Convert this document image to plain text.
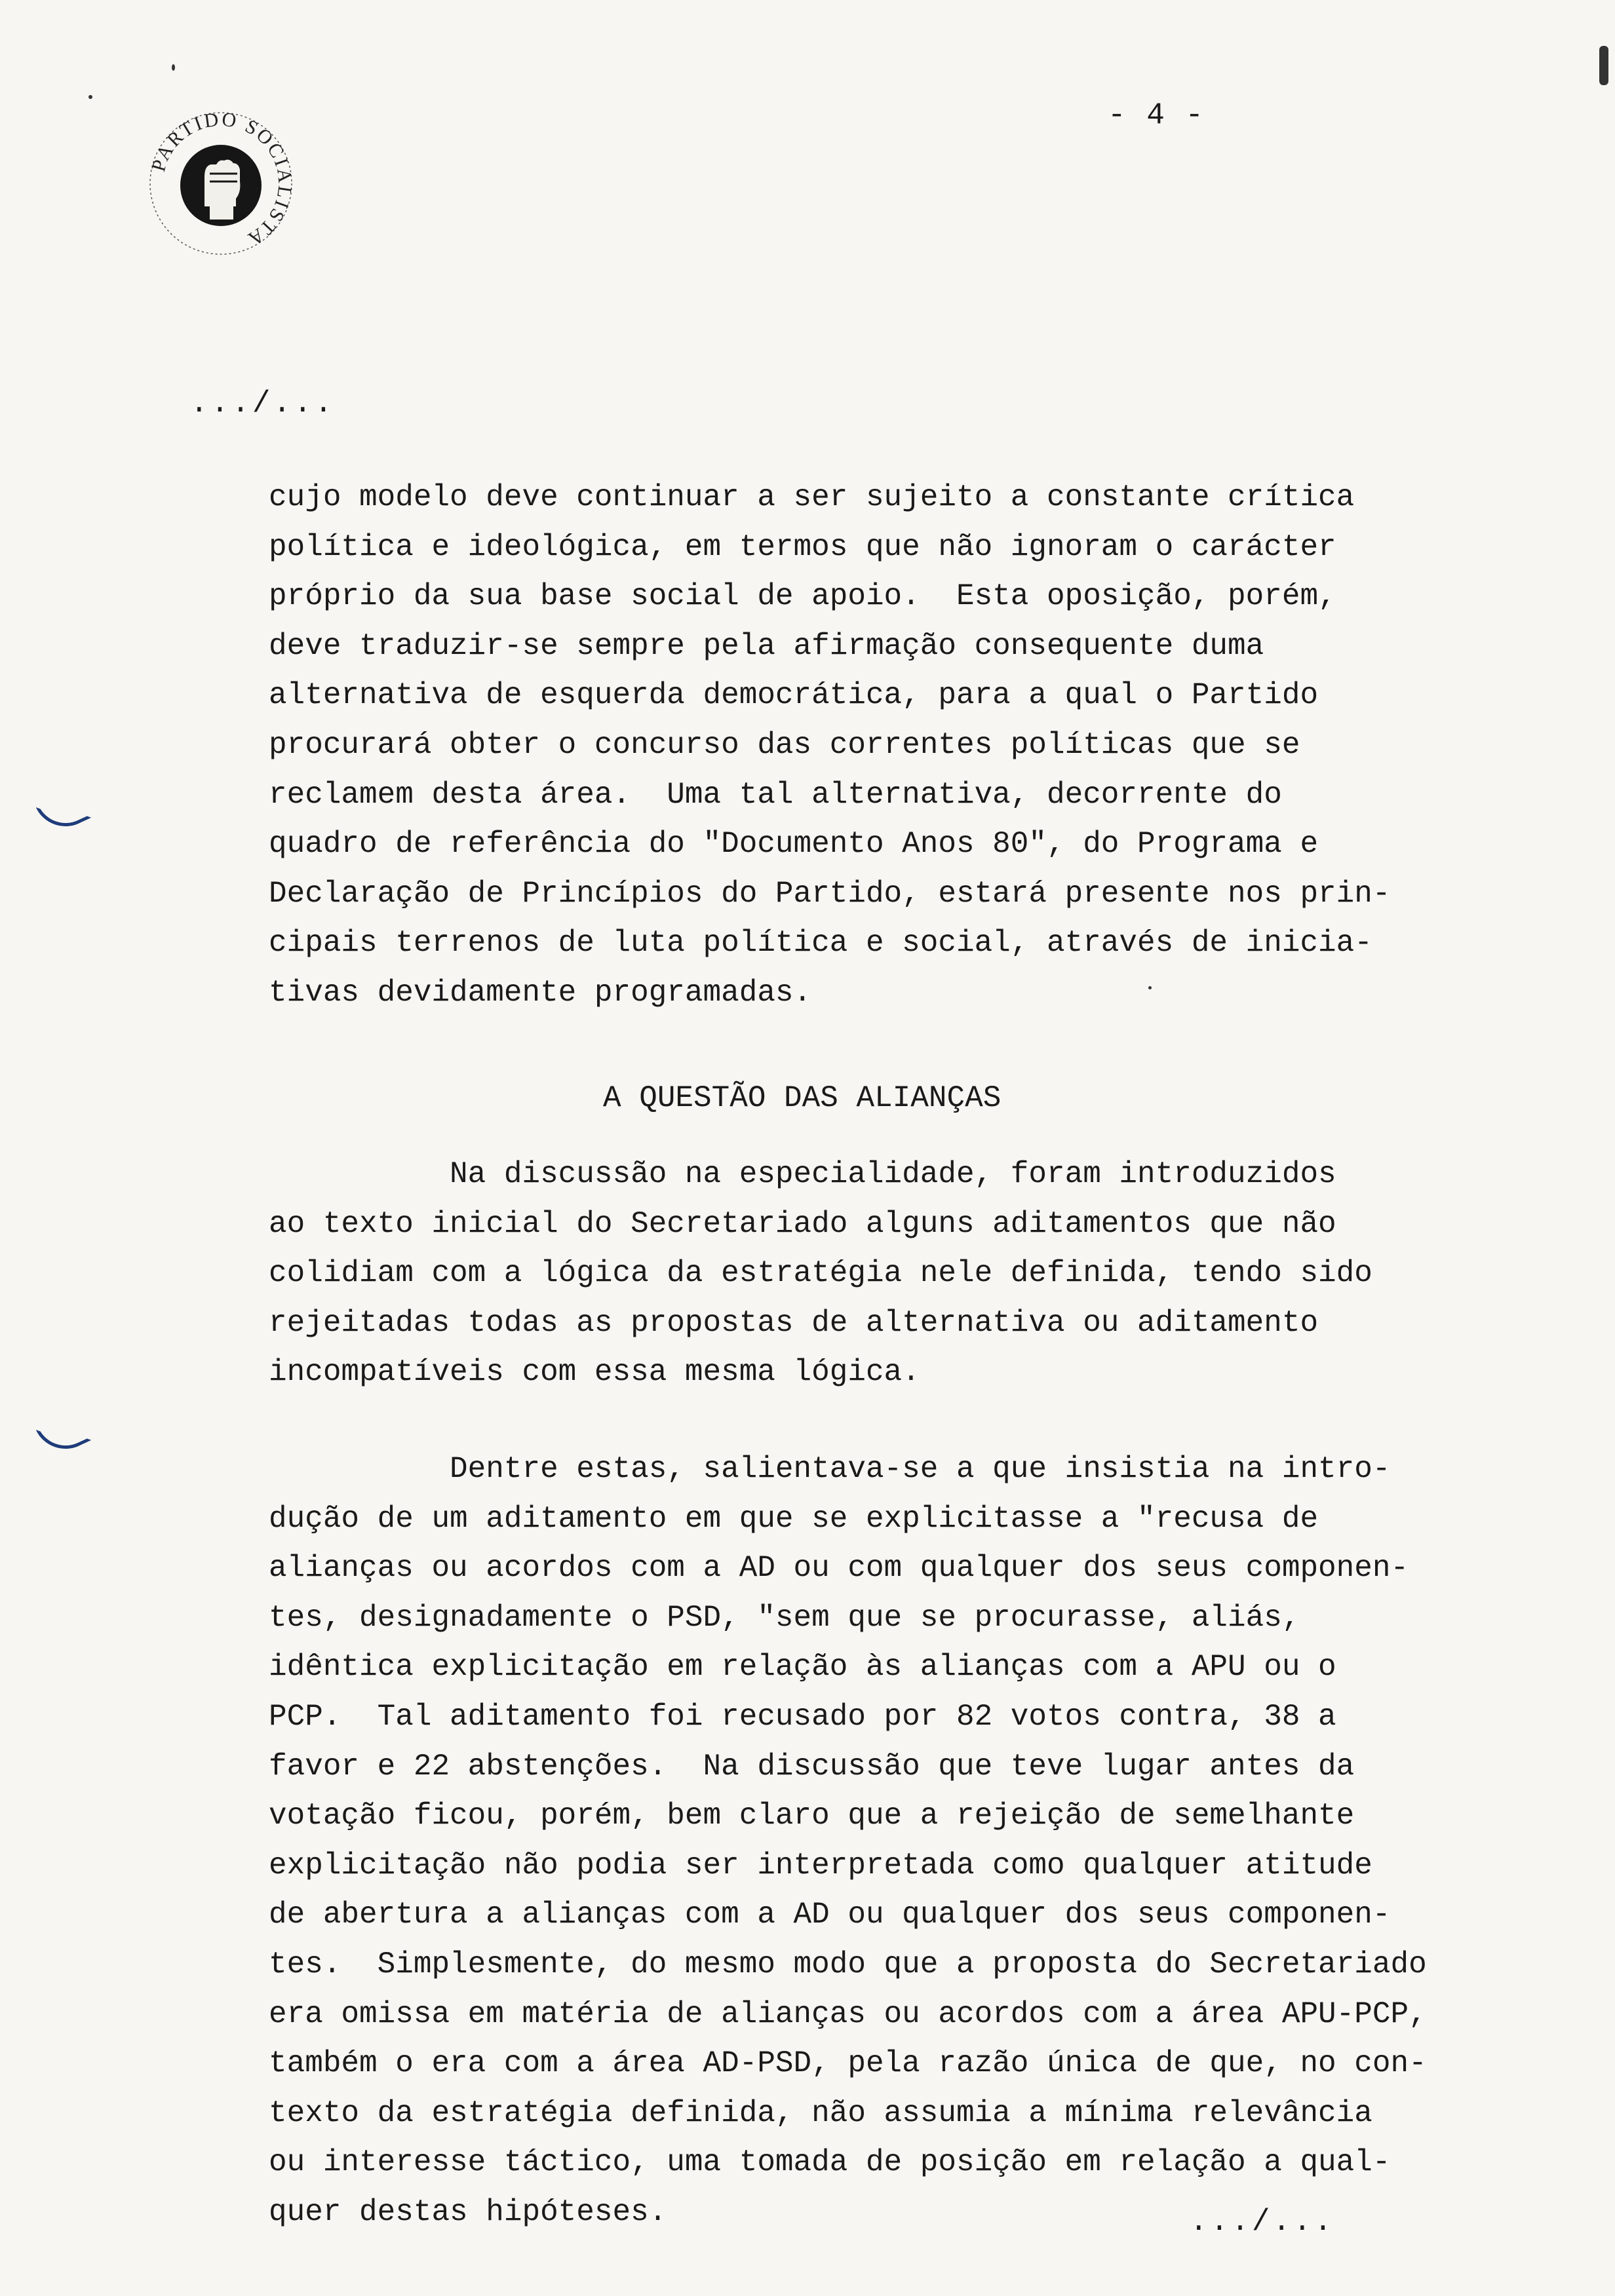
- 4 -
PARTIDO SOCIALISTA
.../...
cujo modelo deve continuar a ser sujeito a constante crítica
política e ideológica, em termos que não ignoram o carácter
próprio da sua base social de apoio.  Esta oposição, porém,
deve traduzir-se sempre pela afirmação consequente duma
alternativa de esquerda democrática, para a qual o Partido
procurará obter o concurso das correntes políticas que se
reclamem desta área.  Uma tal alternativa, decorrente do
quadro de referência do "Documento Anos 80", do Programa e
Declaração de Princípios do Partido, estará presente nos prin-
cipais terrenos de luta política e social, através de inicia-
tivas devidamente programadas.
A QUESTÃO DAS ALIANÇAS
Na discussão na especialidade, foram introduzidos
ao texto inicial do Secretariado alguns aditamentos que não
colidiam com a lógica da estratégia nele definida, tendo sido
rejeitadas todas as propostas de alternativa ou aditamento
incompatíveis com essa mesma lógica.
Dentre estas, salientava-se a que insistia na intro-
dução de um aditamento em que se explicitasse a "recusa de
alianças ou acordos com a AD ou com qualquer dos seus componen-
tes, designadamente o PSD, "sem que se procurasse, aliás,
idêntica explicitação em relação às alianças com a APU ou o
PCP.  Tal aditamento foi recusado por 82 votos contra, 38 a
favor e 22 abstenções.  Na discussão que teve lugar antes da
votação ficou, porém, bem claro que a rejeição de semelhante
explicitação não podia ser interpretada como qualquer atitude
de abertura a alianças com a AD ou qualquer dos seus componen-
tes.  Simplesmente, do mesmo modo que a proposta do Secretariado
era omissa em matéria de alianças ou acordos com a área APU-PCP,
também o era com a área AD-PSD, pela razão única de que, no con-
texto da estratégia definida, não assumia a mínima relevância
ou interesse táctico, uma tomada de posição em relação a qual-
quer destas hipóteses.	.../...
